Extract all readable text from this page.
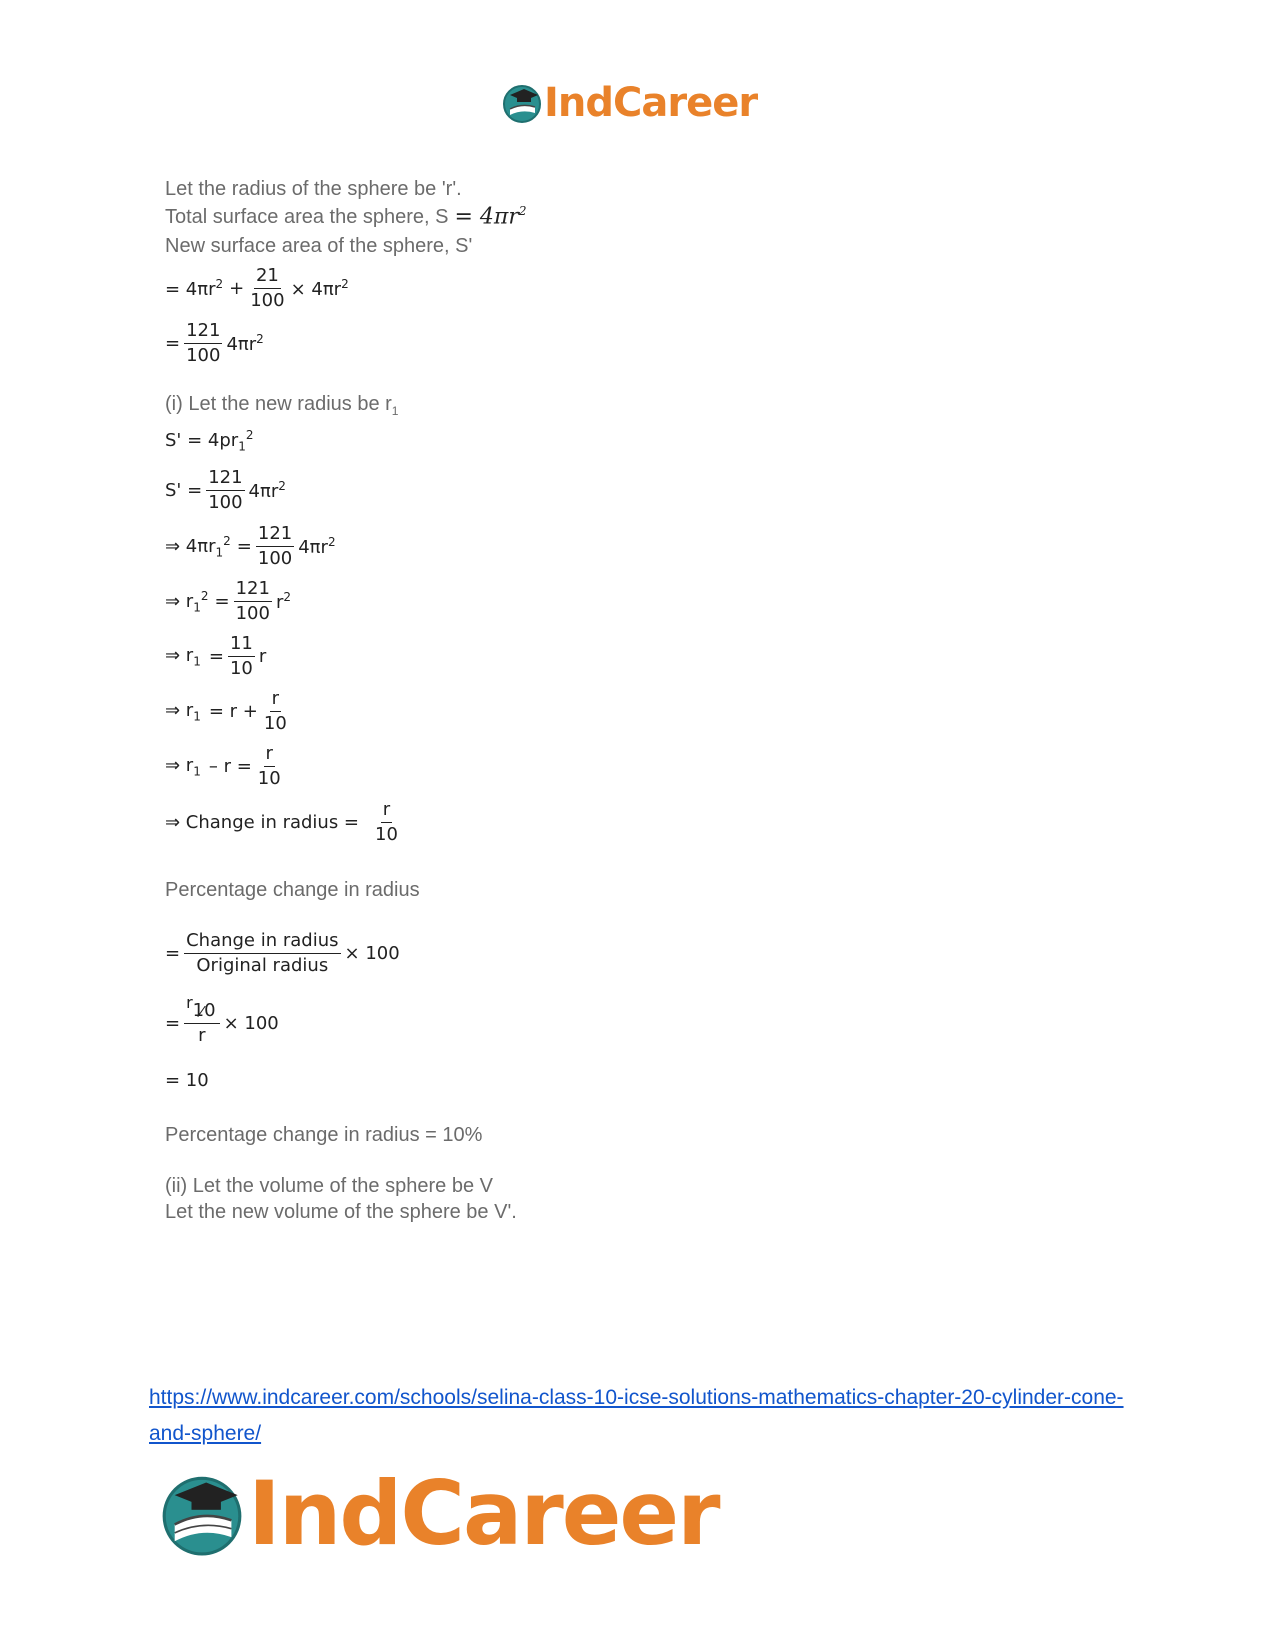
IndCareer
Let the radius of the sphere be 'r'.
Total surface area the sphere, $S = 4\pi r^2$
New surface area of the sphere, S'
= $4\pi r^2 + \frac{21}{100} \times 4\pi r^2$
= $\frac{121}{100} 4\pi r^2$
(i) Let the new radius be $r_1$
$S' = 4pr_1^2$
$S' = \frac{121}{100} 4\pi r^2$
⇒ $4\pi r_1^2 = \frac{121}{100} 4\pi r^2$
⇒ $r_1^2 = \frac{121}{100} r^2$
⇒ $r_1 = \frac{11}{10}$ r
⇒ $r_1 = r + \frac{r}{10}$
⇒ $r_1 - r = \frac{r}{10}$
⇒ Change in radius = $\frac{r}{10}$
Percentage change in radius
= $\frac{\text{Change in radius}}{\text{Original radius}} \times 100$
= $\frac{r10}{r} \times 100$
= 10
Percentage change in radius = 10%
(ii) Let the volume of the sphere be V
Let the new volume of the sphere be V'.
https://www.indcareer.com/schools/selina-class-10-icse-solutions-mathematics-chapter-20-cylinder-cone-and-sphere/
IndCareer
